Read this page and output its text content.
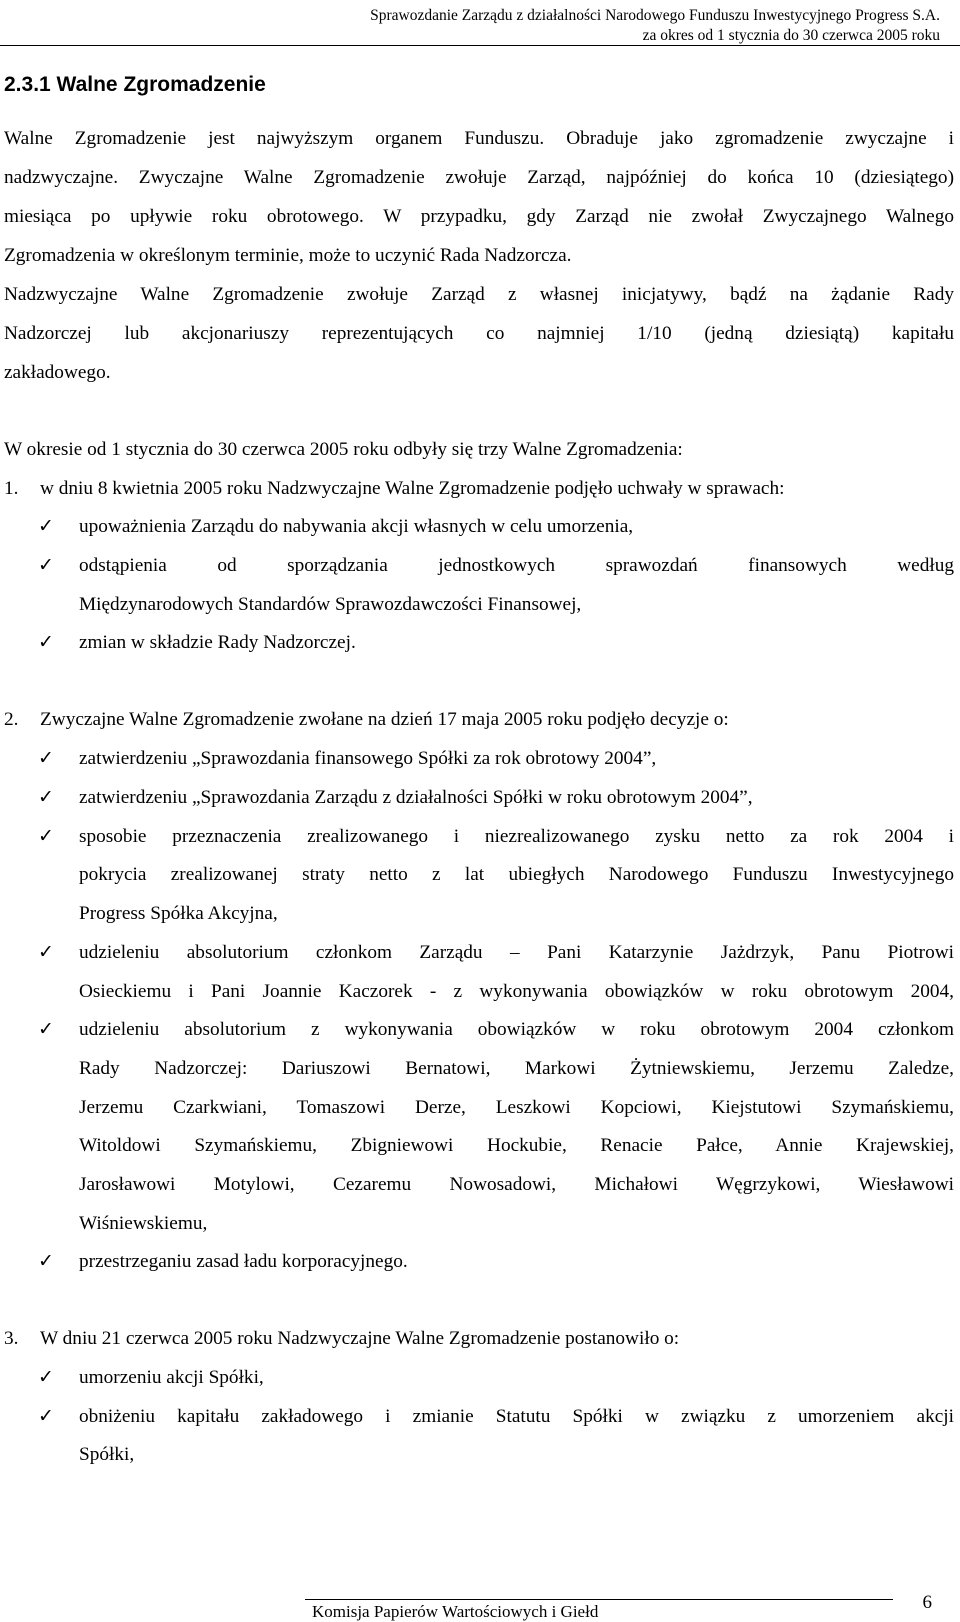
Sprawozdanie Zarządu z działalności Narodowego Funduszu Inwestycyjnego Progress S.A.
za okres od 1 stycznia do 30 czerwca 2005 roku
2.3.1 Walne Zgromadzenie
Walne Zgromadzenie jest najwyższym organem Funduszu. Obraduje jako zgromadzenie zwyczajne i
nadzwyczajne. Zwyczajne Walne Zgromadzenie zwołuje Zarząd, najpóźniej do końca 10 (dziesiątego)
miesiąca po upływie roku obrotowego. W przypadku, gdy Zarząd nie zwołał Zwyczajnego Walnego
Zgromadzenia w określonym terminie, może to uczynić Rada Nadzorcza.
Nadzwyczajne Walne Zgromadzenie zwołuje Zarząd z własnej inicjatywy, bądź na żądanie Rady
Nadzorczej lub akcjonariuszy reprezentujących co najmniej 1/10 (jedną dziesiątą) kapitału
zakładowego.
W okresie od 1 stycznia do 30 czerwca 2005 roku odbyły się trzy Walne Zgromadzenia:
1. w dniu 8 kwietnia 2005 roku Nadzwyczajne Walne Zgromadzenie podjęło uchwały w sprawach:
✓ upoważnienia Zarządu do nabywania akcji własnych w celu umorzenia,
✓ odstąpienia od sporządzania jednostkowych sprawozdań finansowych według
Międzynarodowych Standardów Sprawozdawczości Finansowej,
✓ zmian w składzie Rady Nadzorczej.
2. Zwyczajne Walne Zgromadzenie zwołane na dzień 17 maja 2005 roku podjęło decyzje o:
✓ zatwierdzeniu „Sprawozdania finansowego Spółki za rok obrotowy 2004”,
✓ zatwierdzeniu „Sprawozdania Zarządu z działalności Spółki w roku obrotowym 2004”,
✓ sposobie przeznaczenia zrealizowanego i niezrealizowanego zysku netto za rok 2004 i
pokrycia zrealizowanej straty netto z lat ubiegłych Narodowego Funduszu Inwestycyjnego
Progress Spółka Akcyjna,
✓ udzieleniu absolutorium członkom Zarządu – Pani Katarzynie Jażdrzyk, Panu Piotrowi
Osieckiemu i Pani Joannie Kaczorek - z wykonywania obowiązków w roku obrotowym 2004,
✓ udzieleniu absolutorium z wykonywania obowiązków w roku obrotowym 2004 członkom
Rady Nadzorczej: Dariuszowi Bernatowi, Markowi Żytniewskiemu, Jerzemu Zaledze,
Jerzemu Czarkwiani, Tomaszowi Derze, Leszkowi Kopciowi, Kiejstutowi Szymańskiemu,
Witoldowi Szymańskiemu, Zbigniewowi Hockubie, Renacie Pałce, Annie Krajewskiej,
Jarosławowi Motylowi, Cezaremu Nowosadowi, Michałowi Węgrzykowi, Wiesławowi
Wiśniewskiemu,
✓ przestrzeganiu zasad ładu korporacyjnego.
3. W dniu 21 czerwca 2005 roku Nadzwyczajne Walne Zgromadzenie postanowiło o:
✓ umorzeniu akcji Spółki,
✓ obniżeniu kapitału zakładowego i zmianie Statutu Spółki w związku z umorzeniem akcji
Spółki,
Komisja Papierów Wartościowych i Giełd	6
